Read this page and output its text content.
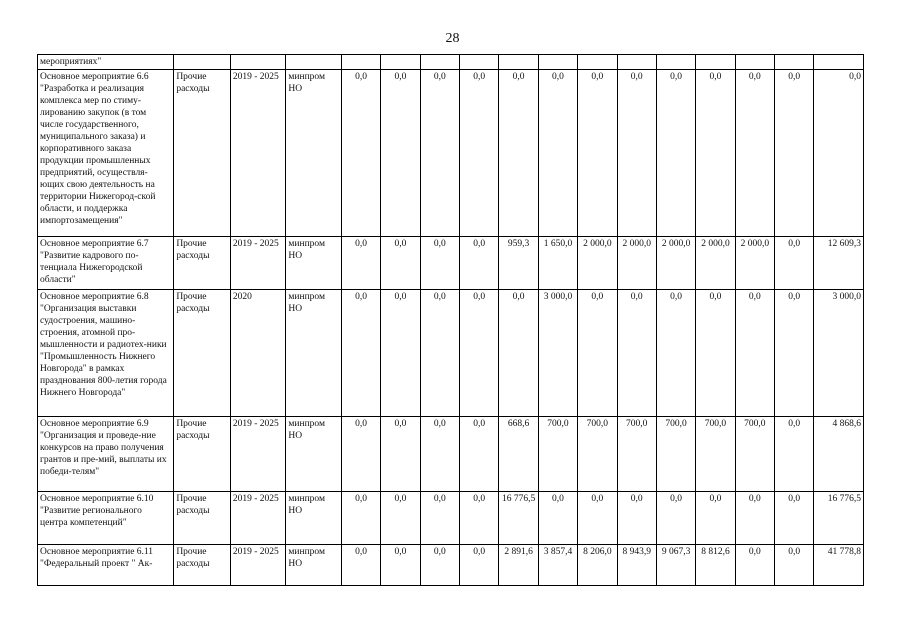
28
мероприятиях"																
Основное мероприятие 6.6 "Разработка и реализация комплекса мер по стиму-лированию закупок (в том числе государственного, муниципального заказа) и корпоративного заказа продукции промышленных предприятий, осуществля-ющих свою деятельность на территории Нижегород-ской области, и поддержка импортозамещения"	Прочие расходы	2019 - 2025	минпром НО	0,0	0,0	0,0	0,0	0,0	0,0	0,0	0,0	0,0	0,0	0,0	0,0	0,0
Основное мероприятие 6.7 "Развитие кадрового по-тенциала Нижегородской области"	Прочие расходы	2019 - 2025	минпром НО	0,0	0,0	0,0	0,0	959,3	1 650,0	2 000,0	2 000,0	2 000,0	2 000,0	2 000,0	0,0	12 609,3
Основное мероприятие 6.8 "Организация выставки судостроения, машино-строения, атомной про-мышленности и радиотех-ники "Промышленность Нижнего Новгорода" в рамках празднования 800-летия города Нижнего Новгорода"	Прочие расходы	2020	минпром НО	0,0	0,0	0,0	0,0	0,0	3 000,0	0,0	0,0	0,0	0,0	0,0	0,0	3 000,0
Основное мероприятие 6.9 "Организация и проведе-ние конкурсов на право получения грантов и пре-мий, выплаты их победи-телям"	Прочие расходы	2019 - 2025	минпром НО	0,0	0,0	0,0	0,0	668,6	700,0	700,0	700,0	700,0	700,0	700,0	0,0	4 868,6
Основное мероприятие 6.10 "Развитие регионального центра компетенций"	Прочие расходы	2019 - 2025	минпром НО	0,0	0,0	0,0	0,0	16 776,5	0,0	0,0	0,0	0,0	0,0	0,0	0,0	16 776,5
Основное мероприятие 6.11 "Федеральный проект " Ак-	Прочие расходы	2019 - 2025	минпром НО	0,0	0,0	0,0	0,0	2 891,6	3 857,4	8 206,0	8 943,9	9 067,3	8 812,6	0,0	0,0	41 778,8
